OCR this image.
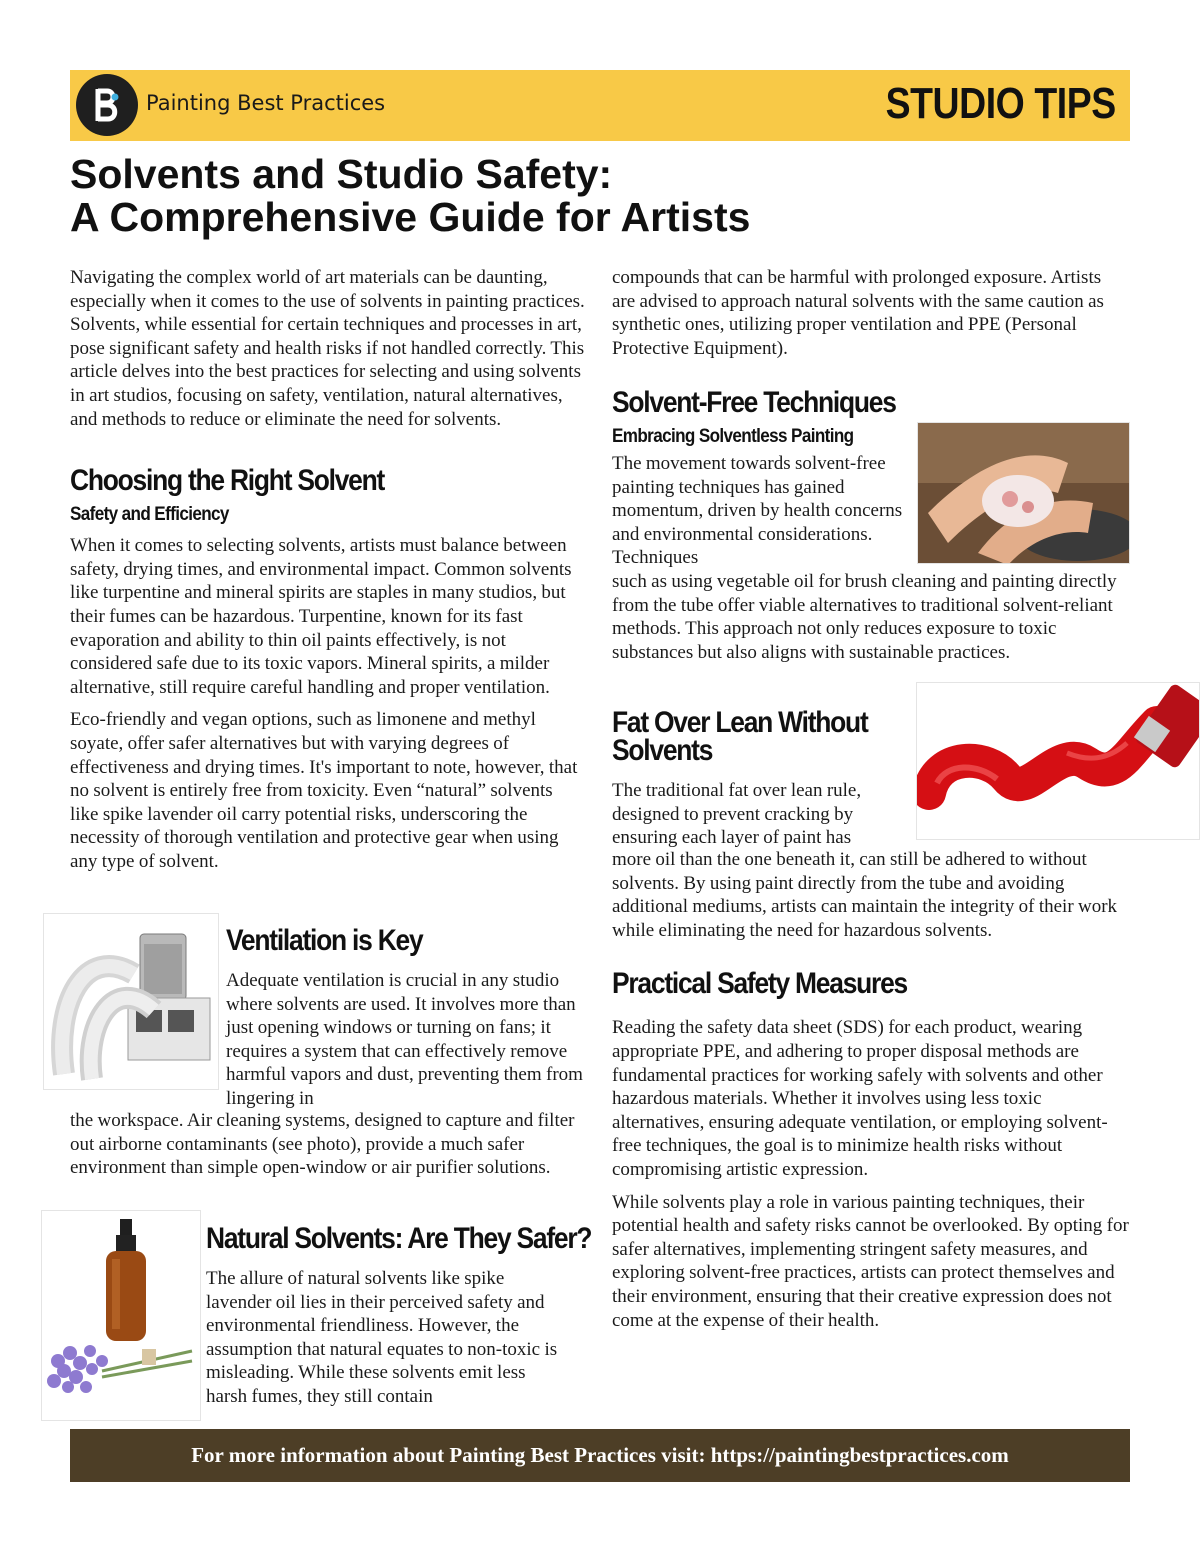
Painting Best Practices	STUDIO TIPS
Solvents and Studio Safety:
A Comprehensive Guide for Artists

Navigating the complex world of art materials can be daunting, especially when it comes to the use of solvents in painting practices. Solvents, while essential for certain techniques and processes in art, pose significant safety and health risks if not handled correctly. This article delves into the best practices for selecting and using solvents in art studios, focusing on safety, ventilation, natural alternatives, and methods to reduce or eliminate the need for solvents.

Choosing the Right Solvent
Safety and Efficiency

When it comes to selecting solvents, artists must balance between safety, drying times, and environmental impact. Common solvents like turpentine and mineral spirits are staples in many studios, but their fumes can be hazardous. Turpentine, known for its fast evaporation and ability to thin oil paints effectively, is not considered safe due to its toxic vapors. Mineral spirits, a milder alternative, still require careful handling and proper ventilation.

Eco-friendly and vegan options, such as limonene and methyl soyate, offer safer alternatives but with varying degrees of effectiveness and drying times. It's important to note, however, that no solvent is entirely free from toxicity. Even “natural” solvents like spike lavender oil carry potential risks, underscoring the necessity of thorough ventilation and protective gear when using any type of solvent.

Ventilation is Key

Adequate ventilation is crucial in any studio where solvents are used. It involves more than just opening windows or turning on fans; it requires a system that can effectively remove harmful vapors and dust, preventing them from lingering in

the workspace. Air cleaning systems, designed to capture and filter out airborne contaminants (see photo), provide a much safer environment than simple open-window or air purifier solutions.

Natural Solvents: Are They Safer?

The allure of natural solvents like spike lavender oil lies in their perceived safety and environmental friendliness. However, the assumption that natural equates to non-toxic is misleading. While these solvents emit less harsh fumes, they still contain

compounds that can be harmful with prolonged exposure. Artists are advised to approach natural solvents with the same caution as synthetic ones, utilizing proper ventilation and PPE (Personal Protective Equipment).

Solvent-Free Techniques
Embracing Solventless Painting

The movement towards solvent-free painting techniques has gained momentum, driven by health concerns and environmental considerations. Techniques

such as using vegetable oil for brush cleaning and painting directly from the tube offer viable alternatives to traditional solvent-reliant methods. This approach not only reduces exposure to toxic substances but also aligns with sustainable practices.

Fat Over Lean Without
Solvents

The traditional fat over lean rule, designed to prevent cracking by ensuring each layer of paint has

more oil than the one beneath it, can still be adhered to without solvents. By using paint directly from the tube and avoiding additional mediums, artists can maintain the integrity of their work while eliminating the need for hazardous solvents.

Practical Safety Measures

Reading the safety data sheet (SDS) for each product, wearing appropriate PPE, and adhering to proper disposal methods are fundamental practices for working safely with solvents and other hazardous materials. Whether it involves using less toxic alternatives, ensuring adequate ventilation, or employing solvent-free techniques, the goal is to minimize health risks without compromising artistic expression.

While solvents play a role in various painting techniques, their potential health and safety risks cannot be overlooked. By opting for safer alternatives, implementing stringent safety measures, and exploring solvent-free practices, artists can protect themselves and their environment, ensuring that their creative expression does not come at the expense of their health.

For more information about Painting Best Practices visit: https://paintingbestpractices.com
